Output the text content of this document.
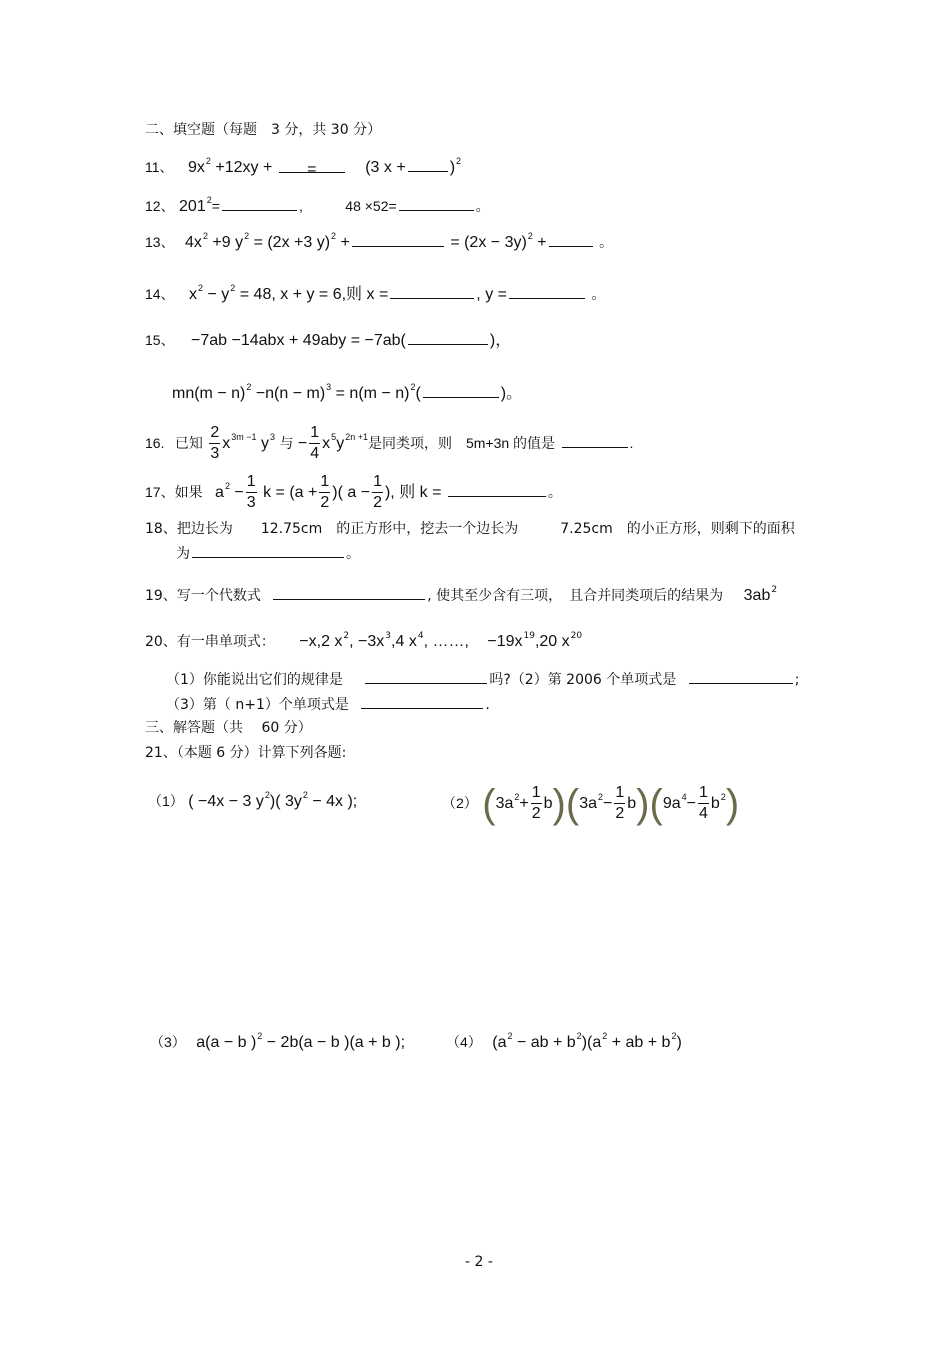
二、填空题（每题　3 分，共 30 分）
11、 $9x^2 +12xy$ + =	(3 x +	)$^2$
12、 $201^2=$	,	48 ×52=	。
13、 $4x^2 +9$ $y^2 = (2x +3$ y)$^2$ +	= $(2x - 3y)^2$ +	。
14、 $x^2 - y^2 = 48$, x + y = 6,则 x =	, y =	。
15、 −7ab −14abx + 49aby = −7ab(	)，
$mn(m - n)^2 -n(n - m)^3 = n(m - n)^2$(	)。
16. 已知 $\frac{2}{3} x^{3m -1}$ $y^3$ 与 − $\frac{1}{4} x^5y^{2n +1}$是同类项，则　5m+3n 的值是	.
17、如果 $a^2 - \frac{1}{3}$ $k = (a + \frac{1}{2}$ )( $a - \frac{1}{2}$ ), 则 k =	。
18、把边长为　　12.75cm　的正方形中，挖去一个边长为　　　7.25cm　的小正方形，则剩下的面积
为	。
19、写一个代数式	, 使其至少含有三项，　且合并同类项后的结果为 $3ab^2$
20、有一串单项式： −x,2 $x^2$, $-3x^3,4$ $x^4$, ……, $-19x^{19},20$ $x^{20}$
（1）你能说出它们的规律是	吗?（2）第 2006 个单项式是	;
（3）第（ n+1）个单项式是	.
三、解答题（共　 60 分）
21、（本题 6 分）计算下列各题:
（1） ( −4x − 3 $y^2$)( $3y^2 - 4x$ );	（2） $(3a^2+ \frac{1}{2} b)(3a^2- \frac{1}{2} b)(9a^4- \frac{1}{4} b^2)$
（3） a(a − b )$^2$ − 2b(a − b )(a + b );	（4） ($a^2$ − ab + $b^2)(a^2$ + ab + $b^2$)
- 2 -
